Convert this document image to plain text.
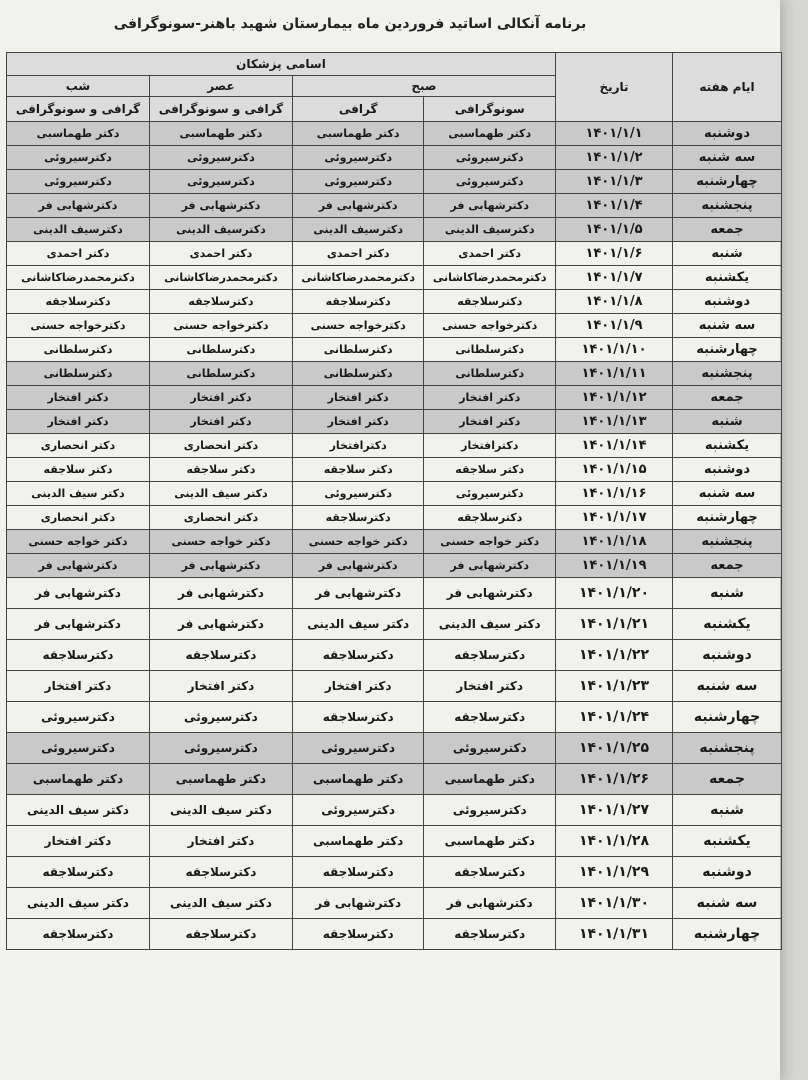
برنامه آنکالی اساتید فروردین ماه بیمارستان شهید باهنر-سونوگرافی
ایام هفته	تاریخ	اسامی پزشکان			
		صبح		عصر	شب
		سونوگرافی	گرافی	گرافی و سونوگرافی	گرافی و سونوگرافی
دوشنبه	۱۴۰۱/۱/۱	دکتر طهماسبی	دکتر طهماسبی	دکتر طهماسبی	دکتر طهماسبی
سه شنبه	۱۴۰۱/۱/۲	دکترسیروئی	دکترسیروئی	دکترسیروئی	دکترسیروئی
چهارشنبه	۱۴۰۱/۱/۳	دکترسیروئی	دکترسیروئی	دکترسیروئی	دکترسیروئی
پنجشنبه	۱۴۰۱/۱/۴	دکترشهابی فر	دکترشهابی فر	دکترشهابی فر	دکترشهابی فر
جمعه	۱۴۰۱/۱/۵	دکترسیف الدینی	دکترسیف الدینی	دکترسیف الدینی	دکترسیف الدینی
شنبه	۱۴۰۱/۱/۶	دکتر احمدی	دکتر احمدی	دکتر احمدی	دکتر احمدی
یکشنبه	۱۴۰۱/۱/۷	دکترمحمدرضاکاشانی	دکترمحمدرضاکاشانی	دکترمحمدرضاکاشانی	دکترمحمدرضاکاشانی
دوشنبه	۱۴۰۱/۱/۸	دکترسلاجقه	دکترسلاجقه	دکترسلاجقه	دکترسلاجقه
سه شنبه	۱۴۰۱/۱/۹	دکترخواجه حسنی	دکترخواجه حسنی	دکترخواجه حسنی	دکترخواجه حسنی
چهارشنبه	۱۴۰۱/۱/۱۰	دکترسلطانی	دکترسلطانی	دکترسلطانی	دکترسلطانی
پنجشنبه	۱۴۰۱/۱/۱۱	دکترسلطانی	دکترسلطانی	دکترسلطانی	دکترسلطانی
جمعه	۱۴۰۱/۱/۱۲	دکتر افتخار	دکتر افتخار	دکتر افتخار	دکتر افتخار
شنبه	۱۴۰۱/۱/۱۳	دکتر افتخار	دکتر افتخار	دکتر افتخار	دکتر افتخار
یکشنبه	۱۴۰۱/۱/۱۴	دکترافتخار	دکترافتخار	دکتر انحصاری	دکتر انحصاری
دوشنبه	۱۴۰۱/۱/۱۵	دکتر سلاجقه	دکتر سلاجقه	دکتر سلاجقه	دکتر سلاجقه
سه شنبه	۱۴۰۱/۱/۱۶	دکترسیروئی	دکترسیروئی	دکتر سیف الدینی	دکتر سیف الدینی
چهارشنبه	۱۴۰۱/۱/۱۷	دکترسلاجقه	دکترسلاجقه	دکتر انحصاری	دکتر انحصاری
پنجشنبه	۱۴۰۱/۱/۱۸	دکتر خواجه حسنی	دکتر خواجه حسنی	دکتر خواجه حسنی	دکتر خواجه حسنی
جمعه	۱۴۰۱/۱/۱۹	دکترشهابی فر	دکترشهابی فر	دکترشهابی فر	دکترشهابی فر
شنبه	۱۴۰۱/۱/۲۰	دکترشهابی فر	دکترشهابی فر	دکترشهابی فر	دکترشهابی فر
یکشنبه	۱۴۰۱/۱/۲۱	دکتر سیف الدینی	دکتر سیف الدینی	دکترشهابی فر	دکترشهابی فر
دوشنبه	۱۴۰۱/۱/۲۲	دکترسلاجقه	دکترسلاجقه	دکترسلاجقه	دکترسلاجقه
سه شنبه	۱۴۰۱/۱/۲۳	دکتر افتخار	دکتر افتخار	دکتر افتخار	دکتر افتخار
چهارشنبه	۱۴۰۱/۱/۲۴	دکترسلاجقه	دکترسلاجقه	دکترسیروئی	دکترسیروئی
پنجشنبه	۱۴۰۱/۱/۲۵	دکترسیروئی	دکترسیروئی	دکترسیروئی	دکترسیروئی
جمعه	۱۴۰۱/۱/۲۶	دکتر طهماسبی	دکتر طهماسبی	دکتر طهماسبی	دکتر طهماسبی
شنبه	۱۴۰۱/۱/۲۷	دکترسیروئی	دکترسیروئی	دکتر سیف الدینی	دکتر سیف الدینی
یکشنبه	۱۴۰۱/۱/۲۸	دکتر طهماسبی	دکتر طهماسبی	دکتر افتخار	دکتر افتخار
دوشنبه	۱۴۰۱/۱/۲۹	دکترسلاجقه	دکترسلاجقه	دکترسلاجقه	دکترسلاجقه
سه شنبه	۱۴۰۱/۱/۳۰	دکترشهابی فر	دکترشهابی فر	دکتر سیف الدینی	دکتر سیف الدینی
چهارشنبه	۱۴۰۱/۱/۳۱	دکترسلاجقه	دکترسلاجقه	دکترسلاجقه	دکترسلاجقه
